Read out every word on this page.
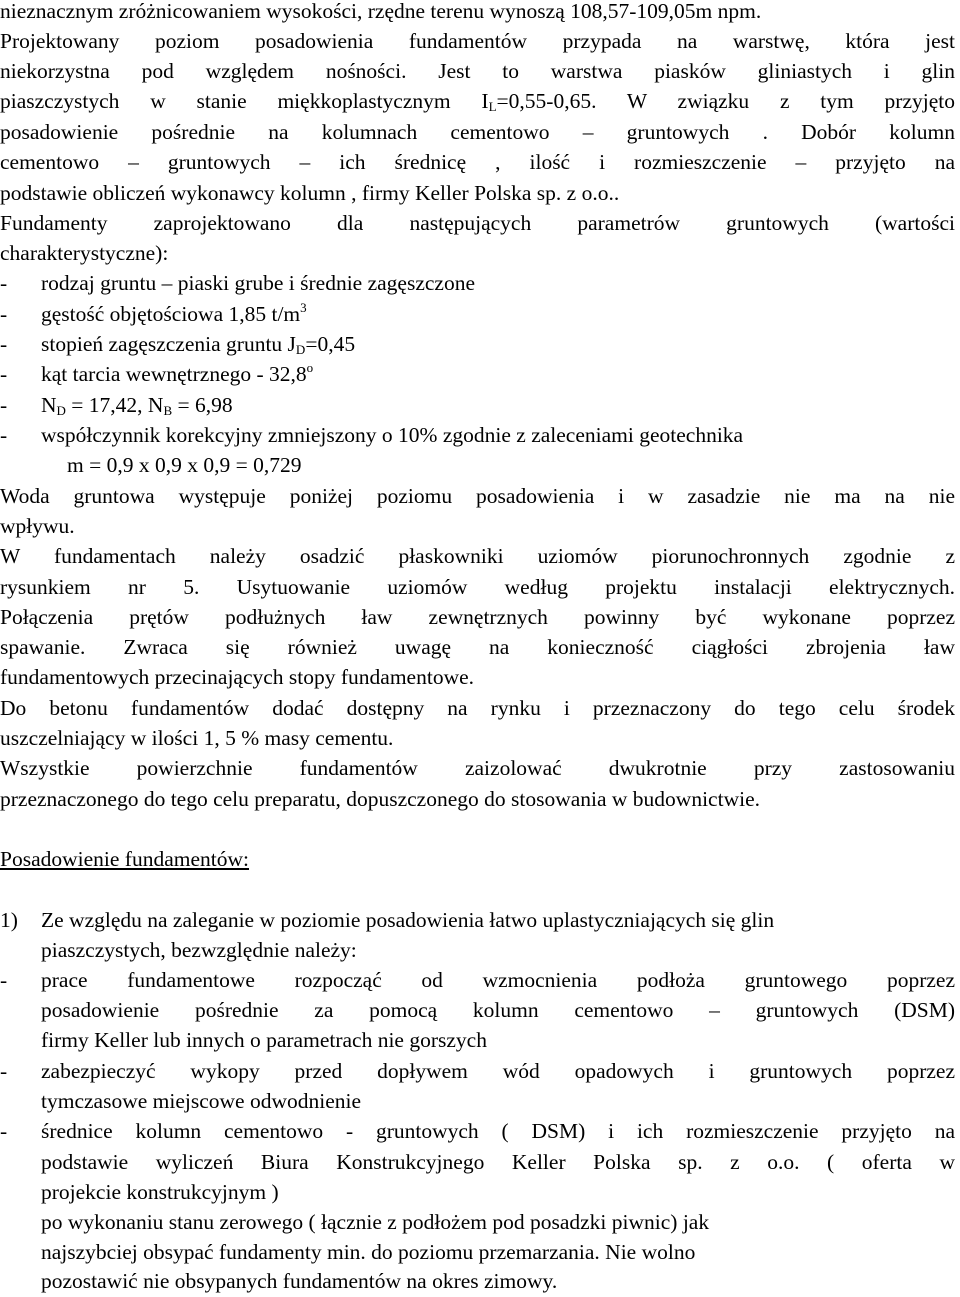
nieznacznym zróżnicowaniem wysokości, rzędne terenu wynoszą 108,57-109,05m npm.
Projektowany poziom posadowienia fundamentów przypada na warstwę, która jest
niekorzystna pod względem nośności. Jest to warstwa piasków gliniastych i glin
piaszczystych w stanie miękkoplastycznym $I_L=0,55-0,65$. W związku z tym przyjęto
posadowienie pośrednie na kolumnach cementowo – gruntowych . Dobór kolumn
cementowo – gruntowych – ich średnicę , ilość i rozmieszczenie – przyjęto na
podstawie obliczeń wykonawcy kolumn , firmy Keller Polska sp. z o.o..
Fundamenty zaprojektowano dla następujących parametrów gruntowych (wartości
charakterystyczne):
-	rodzaj gruntu – piaski grube i średnie zagęszczone
-	gęstość objętościowa 1,85 $t/m^3$
-	stopień zagęszczenia gruntu $J_D=0,45$
-	kąt tarcia wewnętrznego - 32,8$^o$
-	$N_D = 17,42$, $N_B = 6,98$
-	współczynnik korekcyjny zmniejszony o 10% zgodnie z zaleceniami geotechnika
m = 0,9 x 0,9 x 0,9 = 0,729
Woda gruntowa występuje poniżej poziomu posadowienia i w zasadzie nie ma na nie
wpływu.
W fundamentach należy osadzić płaskowniki uziomów piorunochronnych zgodnie z
rysunkiem nr 5. Usytuowanie uziomów według projektu instalacji elektrycznych.
Połączenia prętów podłużnych ław zewnętrznych powinny być wykonane poprzez
spawanie. Zwraca się również uwagę na konieczność ciągłości zbrojenia ław
fundamentowych przecinających stopy fundamentowe.
Do betonu fundamentów dodać dostępny na rynku i przeznaczony do tego celu środek
uszczelniający w ilości 1, 5 % masy cementu.
Wszystkie powierzchnie fundamentów zaizolować dwukrotnie przy zastosowaniu
przeznaczonego do tego celu preparatu, dopuszczonego do stosowania w budownictwie.
Posadowienie fundamentów:
1) Ze względu na zaleganie w poziomie posadowienia łatwo uplastyczniających się glin
piaszczystych, bezwzględnie należy:
-	prace fundamentowe rozpocząć od wzmocnienia podłoża gruntowego poprzez
posadowienie pośrednie za pomocą kolumn cementowo – gruntowych (DSM)
firmy Keller lub innych o parametrach nie gorszych
-	zabezpieczyć wykopy przed dopływem wód opadowych i gruntowych poprzez
tymczasowe miejscowe odwodnienie
-	średnice kolumn cementowo - gruntowych ( DSM) i ich rozmieszczenie przyjęto na
podstawie wyliczeń Biura Konstrukcyjnego Keller Polska sp. z o.o. ( oferta w
projekcie konstrukcyjnym )
po wykonaniu stanu zerowego ( łącznie z podłożem pod posadzki piwnic) jak
najszybciej obsypać fundamenty min. do poziomu przemarzania. Nie wolno
pozostawić nie obsypanych fundamentów na okres zimowy.
